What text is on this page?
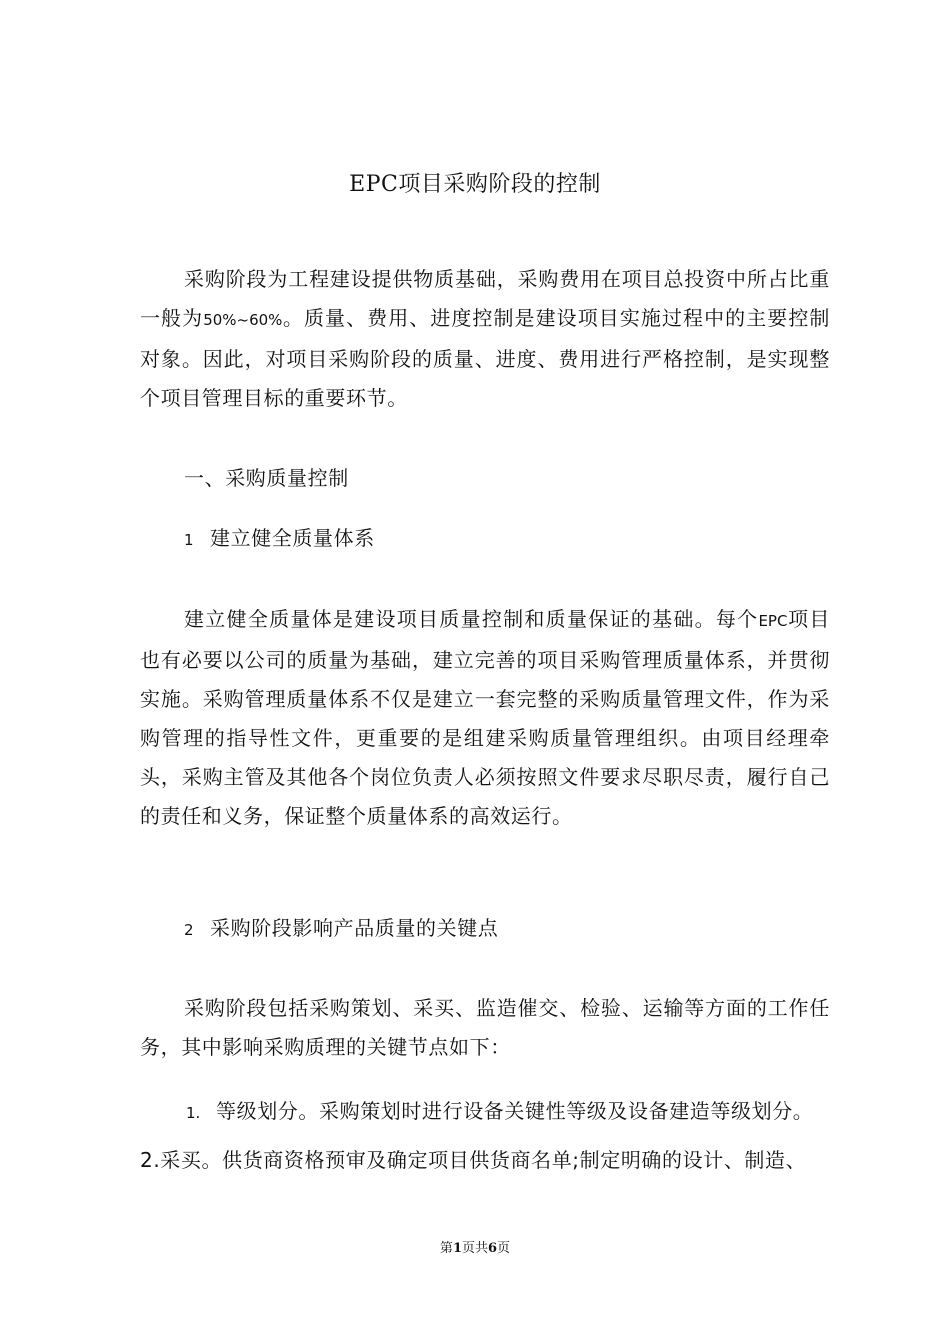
EPC项目采购阶段的控制
采购阶段为工程建设提供物质基础，采购费用在项目总投资中所占比重一般为50%~60%。质量、费用、进度控制是建设项目实施过程中的主要控制对象。因此，对项目采购阶段的质量、进度、费用进行严格控制，是实现整个项目管理目标的重要环节。
一、采购质量控制
1 建立健全质量体系
建立健全质量体是建设项目质量控制和质量保证的基础。每个EPC项目也有必要以公司的质量为基础，建立完善的项目采购管理质量体系，并贯彻实施。采购管理质量体系不仅是建立一套完整的采购质量管理文件，作为采购管理的指导性文件，更重要的是组建采购质量管理组织。由项目经理牵头，采购主管及其他各个岗位负责人必须按照文件要求尽职尽责，履行自己的责任和义务，保证整个质量体系的高效运行。
2 采购阶段影响产品质量的关键点
采购阶段包括采购策划、采买、监造催交、检验、运输等方面的工作任务，其中影响采购质理的关键节点如下：
1. 等级划分。采购策划时进行设备关键性等级及设备建造等级划分。
2.采买。供货商资格预审及确定项目供货商名单;制定明确的设计、制造、
第1页共6页
